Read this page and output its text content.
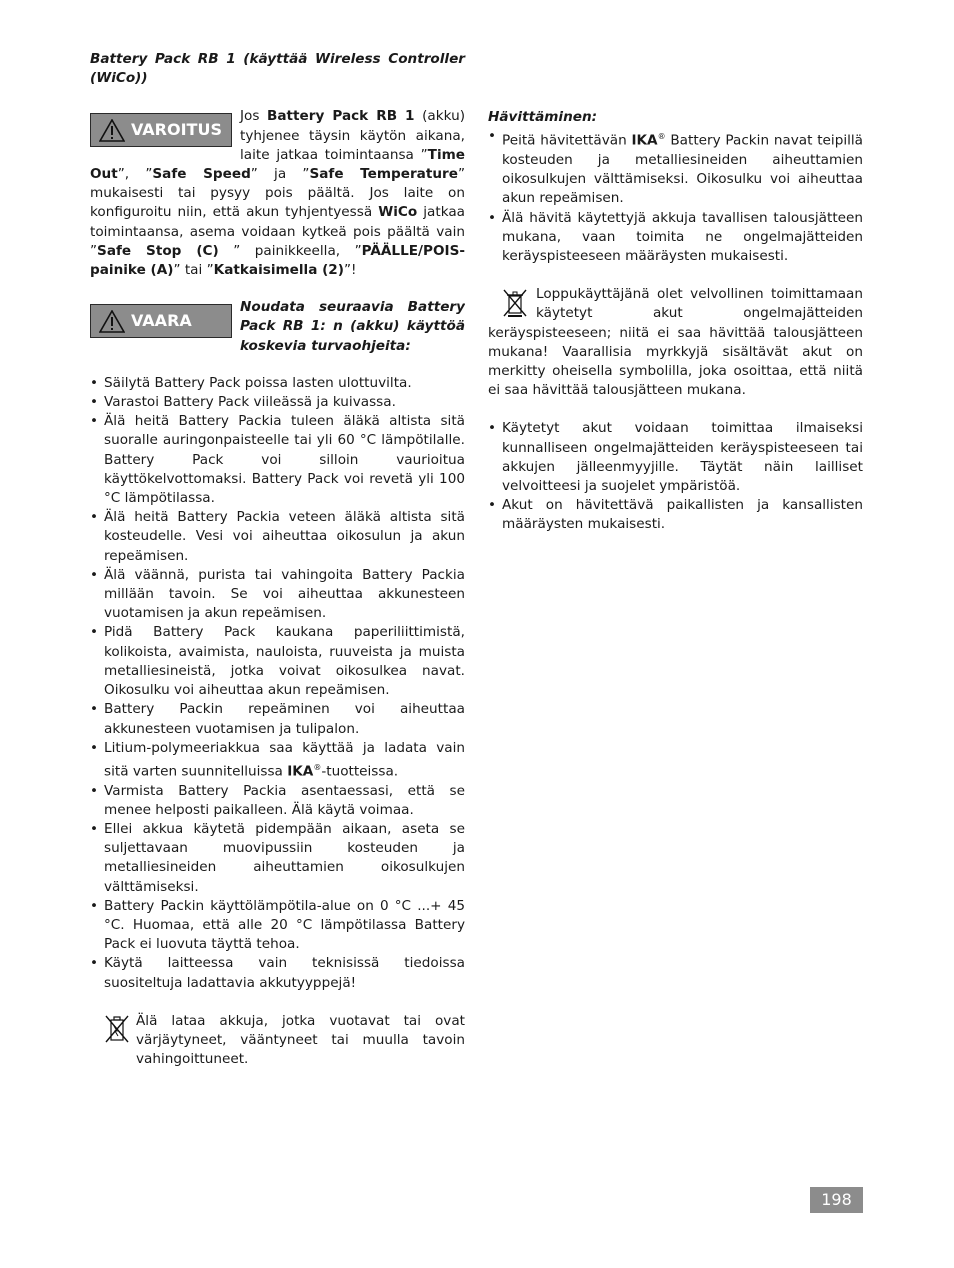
Battery Pack RB 1 (käyttää Wireless Controller (WiCo))
VAROITUS

Jos Battery Pack RB 1 (akku) tyhjenee täysin käytön aikana, laite jatkaa toimintaansa ”Time Out”, ”Safe Speed” ja ”Safe Temperature” mukaisesti tai pysyy pois päältä. Jos laite on konfiguroitu niin, että akun tyhjentyessä WiCo jatkaa toimintaansa, asema voidaan kytkeä pois päältä vain ”Safe Stop (C) ” painikkeella, ”PÄÄLLE/POIS-painike (A)” tai ”Katkaisimella (2)”!

VAARA

Noudata seuraavia Battery Pack RB 1: n (akku) käyttöä koskevia turvaohjeita:

• Säilytä Battery Pack poissa lasten ulottuvilta.
• Varastoi Battery Pack viileässä ja kuivassa.
• Älä heitä Battery Packia tuleen äläkä altista sitä suoralle auringonpaisteelle tai yli 60 °C lämpötilalle. Battery Pack voi silloin vaurioitua käyttökelvottomaksi. Battery Pack voi revetä yli 100 °C lämpötilassa.
• Älä heitä Battery Packia veteen äläkä altista sitä kosteudelle. Vesi voi aiheuttaa oikosulun ja akun repeämisen.
• Älä väännä, purista tai vahingoita Battery Packia millään tavoin. Se voi aiheuttaa akkunesteen vuotamisen ja akun repeämisen.
• Pidä Battery Pack kaukana paperiliittimistä, kolikoista, avaimista, nauloista, ruuveista ja muista metalliesineistä, jotka voivat oikosulkea navat. Oikosulku voi aiheuttaa akun repeämisen.
• Battery Packin repeäminen voi aiheuttaa akkunesteen vuotamisen ja tulipalon.
• Litium-polymeeriakkua saa käyttää ja ladata vain sitä varten suunnitelluissa IKA®-tuotteissa.
• Varmista Battery Packia asentaessasi, että se menee helposti paikalleen. Älä käytä voimaa.
• Ellei akkua käytetä pidempään aikaan, aseta se suljettavaan muovipussiin kosteuden ja metalliesineiden aiheuttamien oikosulkujen välttämiseksi.
• Battery Packin käyttölämpötila-alue on 0 °C ...+ 45 °C. Huomaa, että alle 20 °C lämpötilassa Battery Pack ei luovuta täyttä tehoa.
• Käytä laitteessa vain teknisissä tiedoissa suositeltuja ladattavia akkutyyppejä!
Älä lataa akkuja, jotka vuotavat tai ovat värjäytyneet, vääntyneet tai muulla tavoin vahingoittuneet.
Hävittäminen:
• Peitä hävitettävän IKA® Battery Packin navat teipillä kosteuden ja metalliesineiden aiheuttamien oikosulkujen välttämiseksi. Oikosulku voi aiheuttaa akun repeämisen.
• Älä hävitä käytettyjä akkuja tavallisen talousjätteen mukana, vaan toimita ne ongelmajätteiden keräyspisteeseen määräysten mukaisesti.
Loppukäyttäjänä olet velvollinen toimittamaan käytetyt akut ongelmajätteiden keräyspisteeseen; niitä ei saa hävittää talousjätteen mukana! Vaarallisia myrkkyjä sisältävät akut on merkitty oheisella symbolilla, joka osoittaa, että niitä ei saa hävittää talousjätteen mukana.
• Käytetyt akut voidaan toimittaa ilmaiseksi kunnalliseen ongelmajätteiden keräyspisteeseen tai akkujen jälleenmyyjille. Täytät näin lailliset velvoitteesi ja suojelet ympäristöä.
• Akut on hävitettävä paikallisten ja kansallisten määräysten mukaisesti.
198
